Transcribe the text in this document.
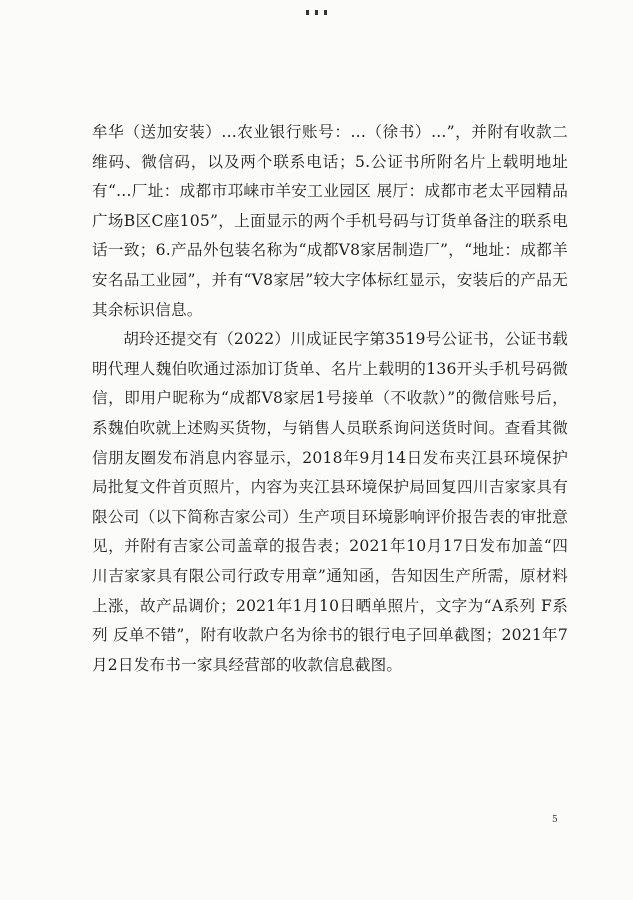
牟华（送加安装）...农业银行账号：...（徐书）...”，并附有收款二维码、微信码，以及两个联系电话；5.公证书所附名片上载明地址有“...厂址：成都市邛崃市羊安工业园区 展厅：成都市老太平园精品广场B区C座105”，上面显示的两个手机号码与订货单备注的联系电话一致；6.产品外包装名称为“成都V8家居制造厂”，“地址：成都羊安名品工业园”，并有“V8家居”较大字体标红显示，安装后的产品无其余标识信息。

胡玲还提交有（2022）川成证民字第3519号公证书，公证书载明代理人魏伯吹通过添加订货单、名片上载明的136开头手机号码微信，即用户昵称为“成都V8家居1号接单（不收款）”的微信账号后，系魏伯吹就上述购买货物，与销售人员联系询问送货时间。查看其微信朋友圈发布消息内容显示，2018年9月14日发布夹江县环境保护局批复文件首页照片，内容为夹江县环境保护局回复四川吉家家具有限公司（以下简称吉家公司）生产项目环境影响评价报告表的审批意见，并附有吉家公司盖章的报告表；2021年10月17日发布加盖“四川吉家家具有限公司行政专用章”通知函，告知因生产所需，原材料上涨，故产品调价；2021年1月10日晒单照片，文字为“A系列 F系列 反单不错”，附有收款户名为徐书的银行电子回单截图；2021年7月2日发布书一家具经营部的收款信息截图。

5
